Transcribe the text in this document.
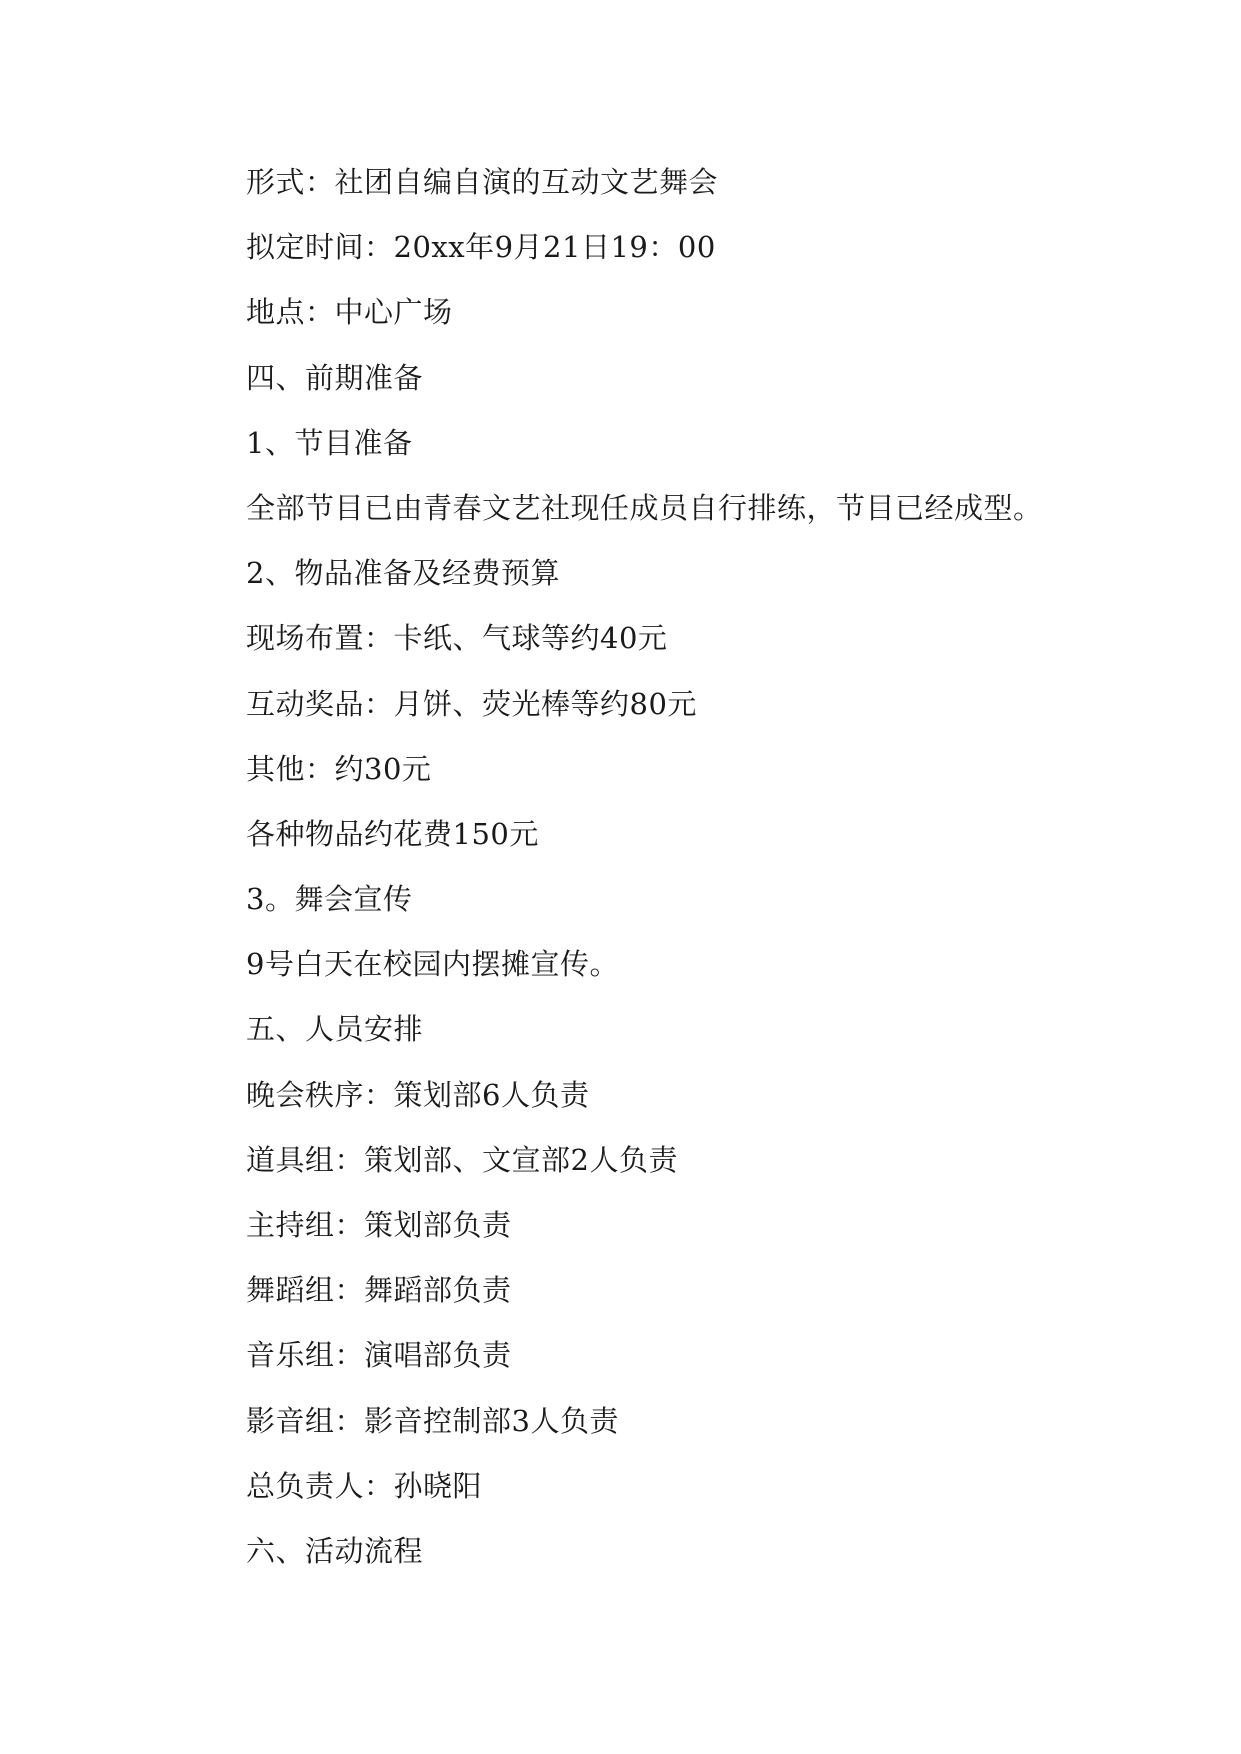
形式：社团自编自演的互动文艺舞会

拟定时间：20xx年9月21日19：00

地点：中心广场

四、前期准备

1、节目准备

全部节目已由青春文艺社现任成员自行排练，节目已经成型。

2、物品准备及经费预算

现场布置：卡纸、气球等约40元

互动奖品：月饼、荧光棒等约80元

其他：约30元

各种物品约花费150元

3。舞会宣传

9号白天在校园内摆摊宣传。

五、人员安排

晚会秩序：策划部6人负责

道具组：策划部、文宣部2人负责

主持组：策划部负责

舞蹈组：舞蹈部负责

音乐组：演唱部负责

影音组：影音控制部3人负责

总负责人：孙晓阳

六、活动流程
